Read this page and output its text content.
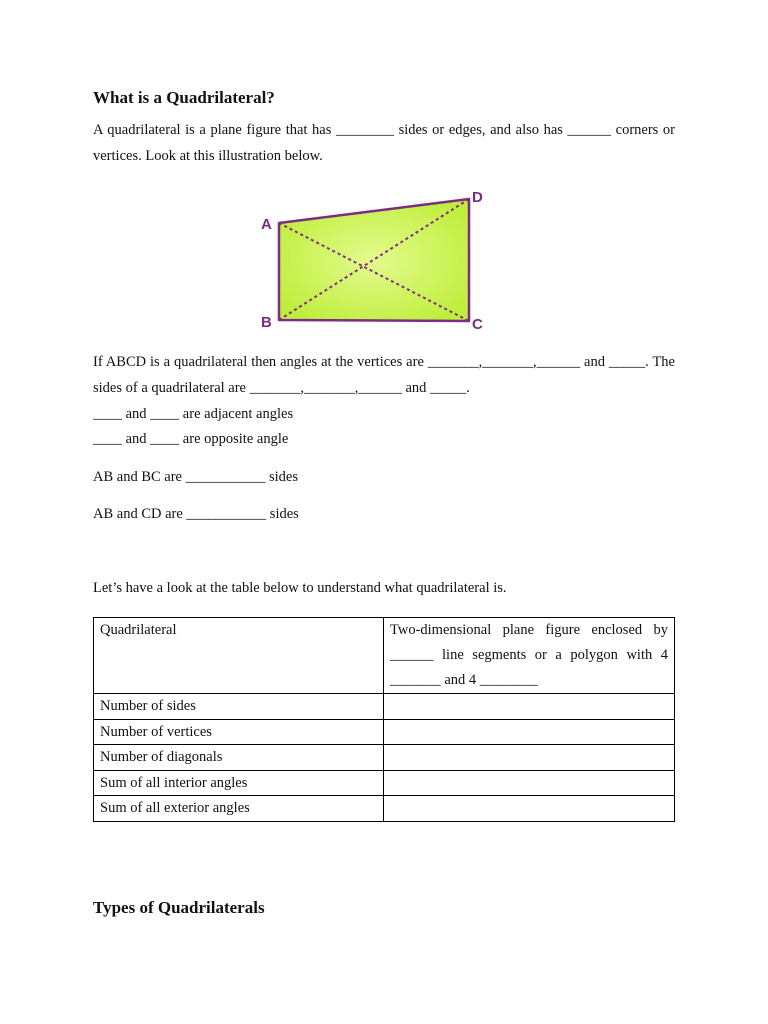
What is a Quadrilateral?

A quadrilateral is a plane figure that has ________ sides or edges, and also has ______ corners or vertices. Look at this illustration below.

A
B	C
D

If ABCD is a quadrilateral then angles at the vertices are _______,_______,______ and _____. The sides of a quadrilateral are _______,_______,______ and _____.

____ and ____ are adjacent angles

____ and ____ are opposite angle

AB and BC are ___________ sides

AB and CD are ___________ sides

Let’s have a look at the table below to understand what quadrilateral is.

Quadrilateral	Two-dimensional plane figure enclosed by ______ line segments or a polygon with 4 _______ and 4 ________
Number of sides	
Number of vertices	
Number of diagonals	
Sum of all interior angles	
Sum of all exterior angles	
Types of Quadrilaterals
